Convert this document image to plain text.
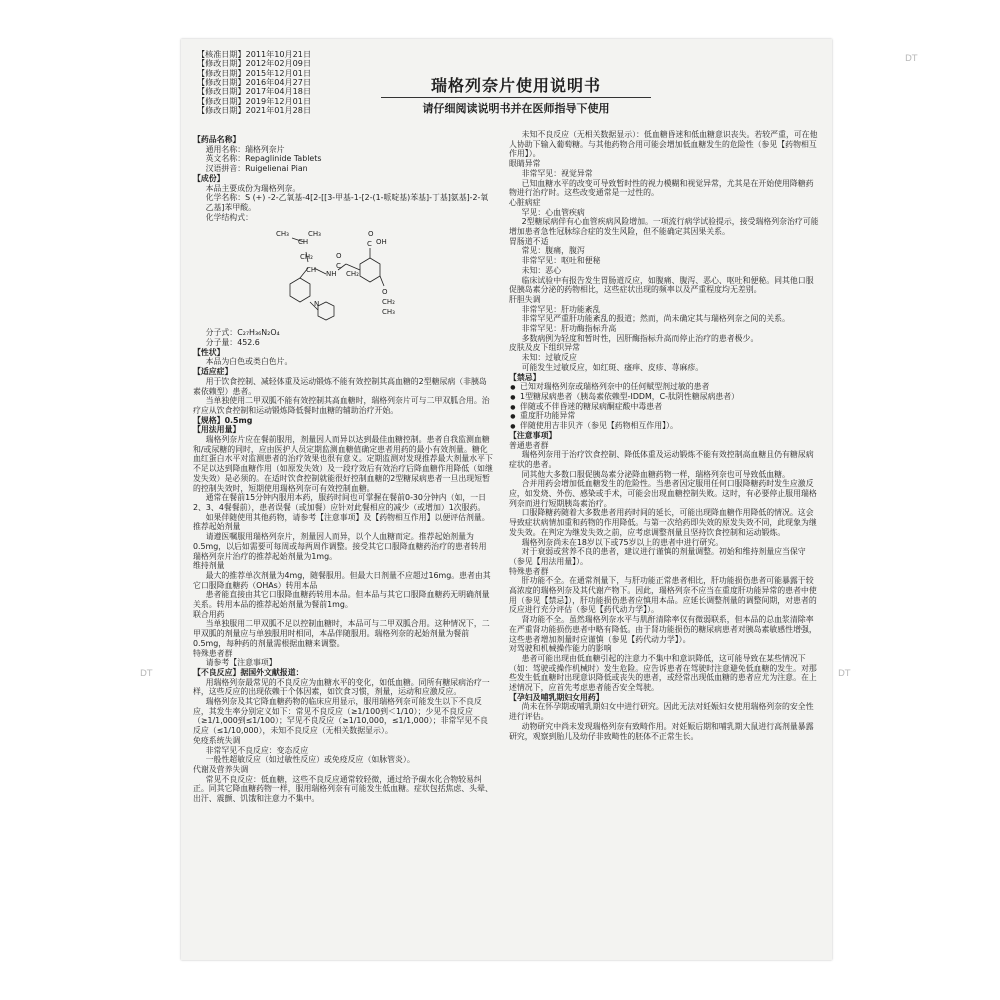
DT
DT	DT
【核准日期】2011年10月21日
【修改日期】2012年02月09日
【修改日期】2015年12月01日
【修改日期】2016年04月27日
【修改日期】2017年04月18日
【修改日期】2019年12月01日
【修改日期】2021年01月28日
瑞格列奈片使用说明书
请仔细阅读说明书并在医师指导下使用

【药品名称】

通用名称：瑞格列奈片

英文名称：Repaglinide Tablets

汉语拼音：Ruigelienai Pian

【成份】

本品主要成份为瑞格列奈。

化学名称：S (+) -2-乙氧基-4[2-[[3-甲基-1-[2-(1-哌啶基)苯基]-丁基]氨基]-2-氧乙基]苯甲酸。

化学结构式：

CH₃
CH
CH₃
CH₂
CH NH
C
O
CH₂
C OH
O
O
CH₂
CH₃
N

分子式：C₂₇H₃₆N₂O₄

分子量：452.6

【性状】

本品为白色或类白色片。

【适应症】

用于饮食控制、减轻体重及运动锻炼不能有效控制其高血糖的2型糖尿病（非胰岛素依赖型）患者。

当单独使用二甲双胍不能有效控制其高血糖时，瑞格列奈片可与二甲双胍合用。治疗应从饮食控制和运动锻炼降低餐时血糖的辅助治疗开始。

【规格】0.5mg

【用法用量】

瑞格列奈片应在餐前服用，剂量因人而异以达到最佳血糖控制。患者自我监测血糖和/或尿糖的同时，应由医护人员定期监测血糖值确定患者用药的最小有效剂量。糖化血红蛋白水平对监测患者的治疗效果也很有意义。定期监测对发现推荐最大剂量水平下不足以达到降血糖作用（如原发失效）及一段疗效后有效治疗后降血糖作用降低（如继发失效）是必须的。在适时饮食控制就能很好控制血糖的2型糖尿病患者一旦出现短暂的控制失效时，短期使用瑞格列奈可有效控制血糖。

通常在餐前15分钟内服用本药，服药时间也可掌握在餐前0-30分钟内（如，一日2、3、4餐餐前），患者误餐（或加餐）应针对此餐相应的减少（或增加）1次服药。

如果伴随使用其他药物，请参考【注意事项】及【药物相互作用】以便评估剂量。

推荐起始剂量

请遵医嘱服用瑞格列奈片，剂量因人而异，以个人血糖而定。推荐起始剂量为0.5mg，以后如需要可每周或每两周作调整。接受其它口服降血糖药治疗的患者转用瑞格列奈片治疗的推荐起始剂量为1mg。

维持剂量

最大的推荐单次剂量为4mg，随餐服用。但最大日剂量不应超过16mg。患者由其它口服降血糖药（OHAs）转用本品

患者能直接由其它口服降血糖药转用本品。但本品与其它口服降血糖药无明确剂量关系。转用本品的推荐起始剂量为餐前1mg。

联合用药

当单独服用二甲双胍不足以控制血糖时，本品可与二甲双胍合用。这种情况下，二甲双胍的剂量应与单独服用时相同，本品伴随服用。瑞格列奈的起始剂量为餐前0.5mg，每种药的剂量需根据血糖来调整。

特殊患者群

请参考【注意事项】

【不良反应】据国外文献报道：

用瑞格列奈最常见的不良反应为血糖水平的变化，如低血糖。同所有糖尿病治疗一样，这些反应的出现依赖于个体因素，如饮食习惯，剂量，运动和应激反应。

瑞格列奈及其它降血糖药物的临床应用显示，服用瑞格列奈可能发生以下不良反应，其发生率分别定义如下：常见不良反应（≥1/100到＜1/10）；少见不良反应（≥1/1,000到≤1/100）；罕见不良反应（≥1/10,000，≤1/1,000）；非常罕见不良反应（≤1/10,000），未知不良反应（无相关数据显示）。

免疫系统失调

非常罕见不良反应：变态反应

一般性超敏反应（如过敏性反应）或免疫反应（如脉管炎）。

代谢及营养失调

常见不良反应：低血糖，这些不良反应通常较轻微，通过给予碳水化合物较易纠正。同其它降血糖药物一样，服用瑞格列奈有可能发生低血糖。症状包括焦虑、头晕、出汗、震颤、饥饿和注意力不集中。

未知不良反应（无相关数据显示）：低血糖昏迷和低血糖意识丧失。若较严重，可在他人协助下输入葡萄糖。与其他药物合用可能会增加低血糖发生的危险性（参见【药物相互作用】）。

眼睛异常

非常罕见：视觉异常

已知血糖水平的改变可导致暂时性的视力模糊和视觉异常，尤其是在开始使用降糖药物进行治疗时。这些改变通常是一过性的。

心脏病症

罕见：心血管疾病

2型糖尿病伴有心血管疾病风险增加。一项流行病学试验提示，接受瑞格列奈治疗可能增加患者急性冠脉综合症的发生风险，但不能确定其因果关系。

胃肠道不适

常见：腹痛，腹泻

非常罕见：呕吐和便秘

未知：恶心

临床试验中有报告发生胃肠道反应，如腹痛、腹泻、恶心、呕吐和便秘。同其他口服促胰岛素分泌的药物相比，这些症状出现的频率以及严重程度均无差别。

肝胆失调

非常罕见：肝功能紊乱

非常罕见严重肝功能紊乱的报道；然而，尚未确定其与瑞格列奈之间的关系。

非常罕见：肝功酶指标升高

多数病例为轻度和暂时性，因肝酶指标升高而停止治疗的患者极少。

皮肤及皮下组织异常

未知：过敏反应

可能发生过敏反应，如红斑、瘙痒、皮疹、荨麻疹。

【禁忌】

● 已知对瑞格列奈或瑞格列奈中的任何赋型剂过敏的患者

● 1型糖尿病患者（胰岛素依赖型-IDDM，C-肽阴性糖尿病患者）

● 伴随或不伴昏迷的糖尿病酮症酸中毒患者

● 重度肝功能异常

● 伴随使用吉非贝齐（参见【药物相互作用】）。

【注意事项】

普通患者群

瑞格列奈用于治疗饮食控制、降低体重及运动锻炼不能有效控制高血糖且仍有糖尿病症状的患者。

同其他大多数口服促胰岛素分泌降血糖药物一样，瑞格列奈也可导致低血糖。

合并用药会增加低血糖发生的危险性。当患者因定服用任何口服降糖药时发生应激反应，如发烧、外伤、感染或手术，可能会出现血糖控制失败。这时，有必要停止服用瑞格列奈而进行短期胰岛素治疗。

口服降糖药随着大多数患者用药时间的延长，可能出现降血糖作用降低的情况。这会导致症状病情加重和药物的作用降低。与第一次给药即失效的原发失效不同，此现象为继发失效。在判定为继发失效之前，应考虑调整剂量且坚持饮食控制和运动锻炼。

瑞格列奈尚未在18岁以下或75岁以上的患者中进行研究。

对于衰弱或营养不良的患者，建议进行谨慎的剂量调整。初始和维持剂量应当保守（参见【用法用量】）。

特殊患者群

肝功能不全。在通常剂量下，与肝功能正常患者相比，肝功能损伤患者可能暴露于较高浓度的瑞格列奈及其代谢产物下。因此，瑞格列奈不应当在重度肝功能异常的患者中使用（参见【禁忌】），肝功能损伤患者应慎用本品。应延长调整剂量的调整间期，对患者的反应进行充分评估（参见【药代动力学】）。

肾功能不全。虽然瑞格列奈水平与肌酐清除率仅有微弱联系，但本品的总血浆清除率在严重肾功能损伤患者中略有降低。由于肾功能损伤的糖尿病患者对胰岛素敏感性增强，这些患者增加剂量时应谨慎（参见【药代动力学】）。

对驾驶和机械操作能力的影响

患者可能出现由低血糖引起的注意力不集中和意识降低，这可能导致在某些情况下（如：驾驶或操作机械时）发生危险。应告诉患者在驾驶时注意避免低血糖的发生。对那些发生低血糖时出现意识降低或丧失的患者，或经常出现低血糖的患者应尤为注意。在上述情况下，应首先考虑患者能否安全驾驶。

【孕妇及哺乳期妇女用药】

尚未在怀孕期或哺乳期妇女中进行研究。因此无法对妊娠妇女使用瑞格列奈的安全性进行评估。

动物研究中尚未发现瑞格列奈有致畸作用。对妊娠后期和哺乳期大鼠进行高剂量暴露研究，观察到胎儿及幼仔非致畸性的胚体不正常生长。
